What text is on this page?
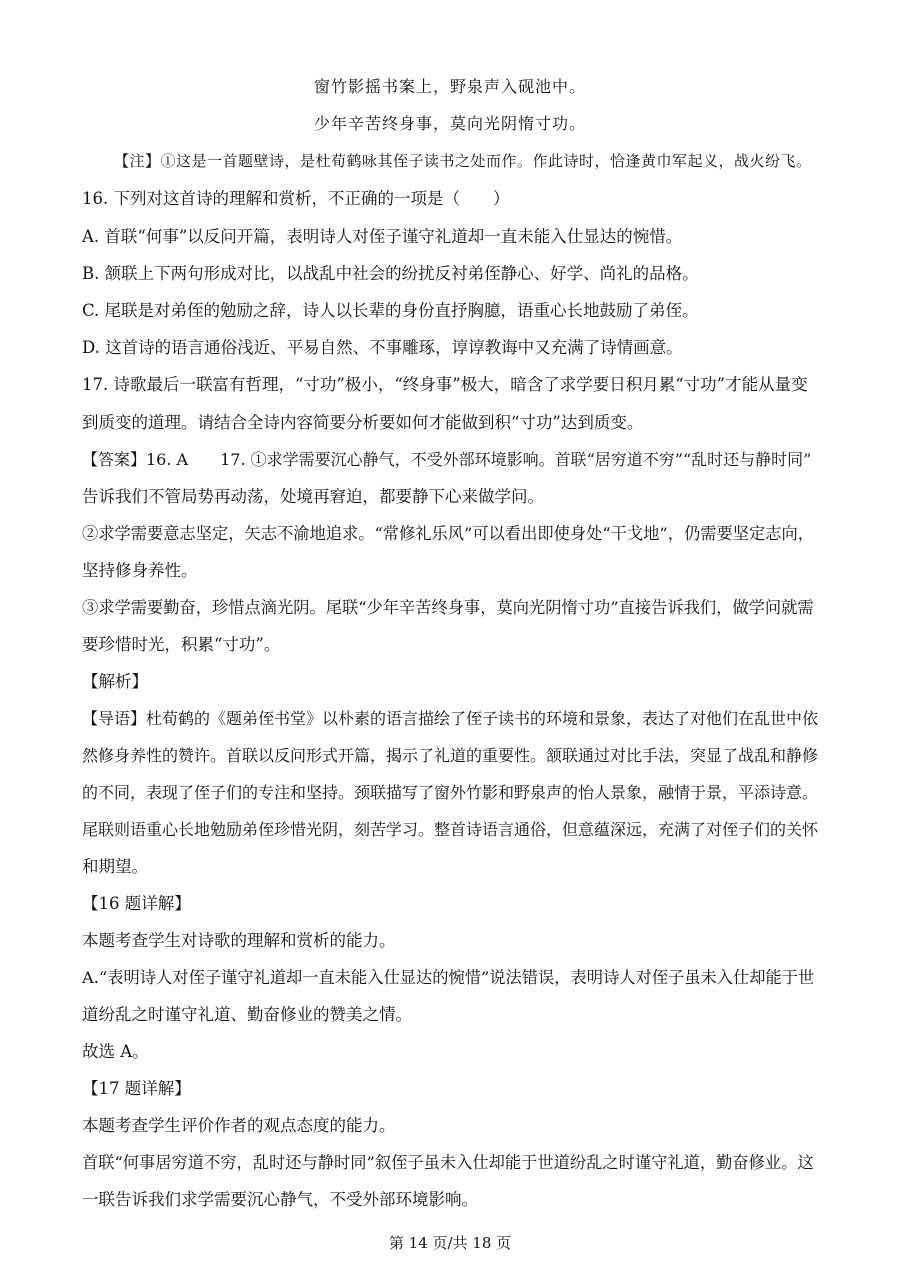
窗竹影摇书案上，野泉声入砚池中。
少年辛苦终身事，莫向光阴惰寸功。
【注】①这是一首题壁诗，是杜荀鹤咏其侄子读书之处而作。作此诗时，恰逢黄巾军起义，战火纷飞。
16. 下列对这首诗的理解和赏析，不正确的一项是（　　）
A. 首联“何事”以反问开篇，表明诗人对侄子谨守礼道却一直未能入仕显达的惋惜。
B. 颔联上下两句形成对比，以战乱中社会的纷扰反衬弟侄静心、好学、尚礼的品格。
C. 尾联是对弟侄的勉励之辞，诗人以长辈的身份直抒胸臆，语重心长地鼓励了弟侄。
D. 这首诗的语言通俗浅近、平易自然、不事雕琢，谆谆教诲中又充满了诗情画意。
17. 诗歌最后一联富有哲理，“寸功”极小，“终身事”极大，暗含了求学要日积月累“寸功”才能从量变
到质变的道理。请结合全诗内容简要分析要如何才能做到积“寸功”达到质变。
【答案】16. A　　17. ①求学需要沉心静气，不受外部环境影响。首联“居穷道不穷”“乱时还与静时同”
告诉我们不管局势再动荡，处境再窘迫，都要静下心来做学问。
②求学需要意志坚定，矢志不渝地追求。“常修礼乐风”可以看出即使身处“干戈地”，仍需要坚定志向，
坚持修身养性。
③求学需要勤奋，珍惜点滴光阴。尾联“少年辛苦终身事，莫向光阴惰寸功”直接告诉我们，做学问就需
要珍惜时光，积累“寸功”。
【解析】
【导语】杜荀鹤的《题弟侄书堂》以朴素的语言描绘了侄子读书的环境和景象，表达了对他们在乱世中依
然修身养性的赞许。首联以反问形式开篇，揭示了礼道的重要性。颔联通过对比手法，突显了战乱和静修
的不同，表现了侄子们的专注和坚持。颈联描写了窗外竹影和野泉声的怡人景象，融情于景，平添诗意。
尾联则语重心长地勉励弟侄珍惜光阴，刻苦学习。整首诗语言通俗，但意蕴深远，充满了对侄子们的关怀
和期望。
【16 题详解】
本题考查学生对诗歌的理解和赏析的能力。
A.“表明诗人对侄子谨守礼道却一直未能入仕显达的惋惜”说法错误，表明诗人对侄子虽未入仕却能于世
道纷乱之时谨守礼道、勤奋修业的赞美之情。
故选 A。
【17 题详解】
本题考查学生评价作者的观点态度的能力。
首联“何事居穷道不穷，乱时还与静时同”叙侄子虽未入仕却能于世道纷乱之时谨守礼道，勤奋修业。这
一联告诉我们求学需要沉心静气，不受外部环境影响。
第 14 页/共 18 页
